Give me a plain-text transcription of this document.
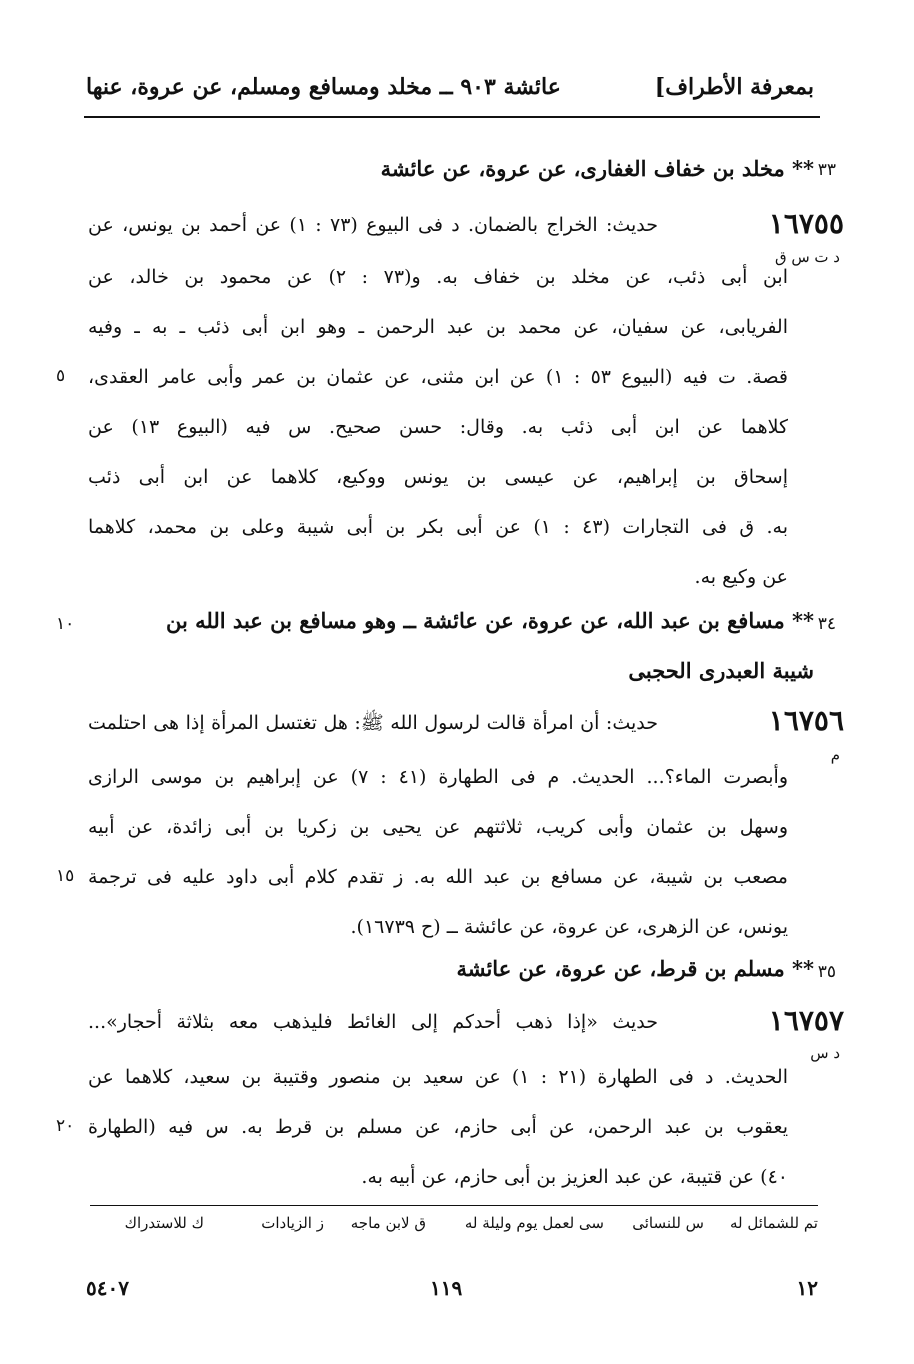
بمعرفة الأطراف]
عائشة ٩٠٣ ــ مخلد ومسافع ومسلم، عن عروة، عنها
٣٣
** مخلد بن خفاف الغفارى، عن عروة، عن عائشة
١٦٧٥٥
حديث: الخراج بالضمان. د فى البيوع (٧٣ : ١) عن أحمد بن يونس، عن
د ت س ق
ابن أبى ذئب، عن مخلد بن خفاف به. و(٧٣ : ٢) عن محمود بن خالد، عن
الفريابى، عن سفيان، عن محمد بن عبد الرحمن ـ وهو ابن أبى ذئب ـ به ـ وفيه
قصة. ت فيه (البيوع ٥٣ : ١) عن ابن مثنى، عن عثمان بن عمر وأبى عامر العقدى،
٥
كلاهما عن ابن أبى ذئب به. وقال: حسن صحيح. س فيه (البيوع ١٣) عن
إسحاق بن إبراهيم، عن عيسى بن يونس ووكيع، كلاهما عن ابن أبى ذئب
به. ق فى التجارات (٤٣ : ١) عن أبى بكر بن أبى شيبة وعلى بن محمد، كلاهما
عن وكيع به.
٣٤
** مسافع بن عبد الله، عن عروة، عن عائشة ــ وهو مسافع بن عبد الله بن
١٠
شيبة العبدرى الحجبى
١٦٧٥٦
حديث: أن امرأة قالت لرسول الله ﷺ: هل تغتسل المرأة إذا هى احتلمت
م
وأبصرت الماء؟... الحديث. م فى الطهارة (٤١ : ٧) عن إبراهيم بن موسى الرازى
وسهل بن عثمان وأبى كريب، ثلاثتهم عن يحيى بن زكريا بن أبى زائدة، عن أبيه
مصعب بن شيبة، عن مسافع بن عبد الله به. ز تقدم كلام أبى داود عليه فى ترجمة
١٥
يونس، عن الزهرى، عن عروة، عن عائشة ــ (ح ١٦٧٣٩).
٣٥
** مسلم بن قرط، عن عروة، عن عائشة
١٦٧٥٧
حديث «إذا ذهب أحدكم إلى الغائط فليذهب معه بثلاثة أحجار»...
د س
الحديث. د فى الطهارة (٢١ : ١) عن سعيد بن منصور وقتيبة بن سعيد، كلاهما عن
يعقوب بن عبد الرحمن، عن أبى حازم، عن مسلم بن قرط به. س فيه (الطهارة
٢٠
٤٠) عن قتيبة، عن عبد العزيز بن أبى حازم، عن أبيه به.
تم للشمائل له
س للنسائى
سى لعمل يوم وليلة له
ق لابن ماجه
ز الزيادات
ك للاستدراك
١٢
١١٩
٥٤٠٧
